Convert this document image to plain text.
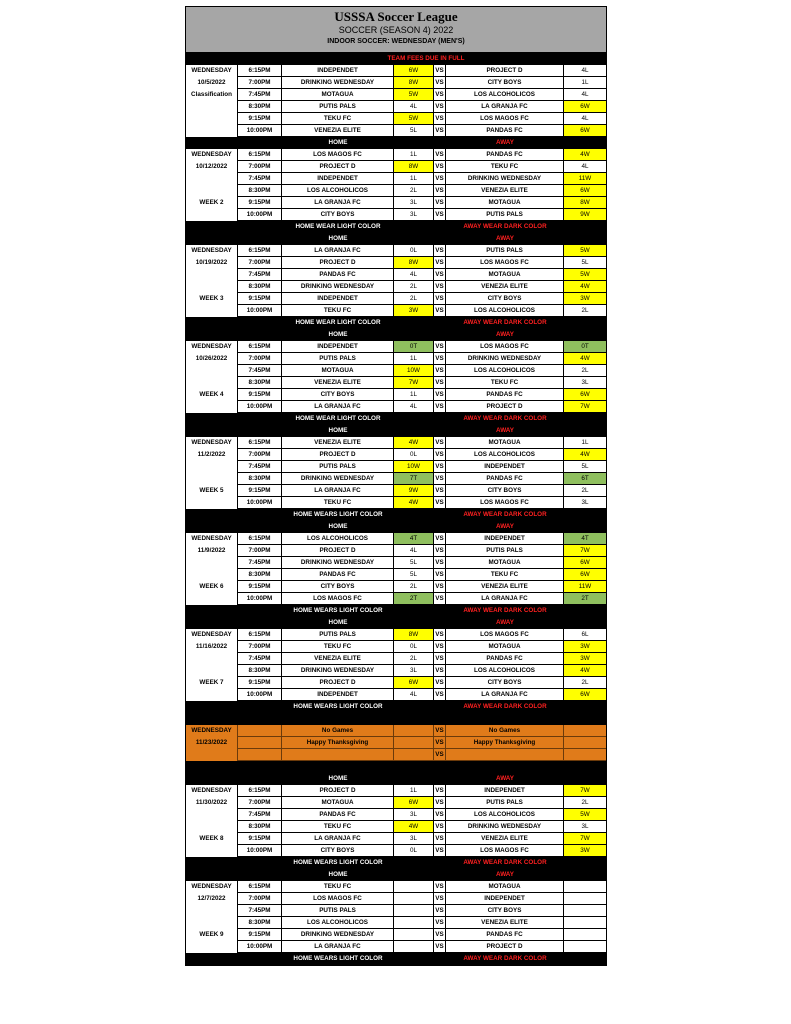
USSSA Soccer League
SOCCER (SEASON 4) 2022
INDOOR SOCCER: WEDNESDAY (MEN'S)
TEAM FEES DUE IN FULL
WEDNESDAY	6:15PM	INDEPENDET	6W	VS	PROJECT D	4L
10/5/2022	7:00PM	DRINKING WEDNESDAY	8W	VS	CITY BOYS	1L
Classification	7:45PM	MOTAGUA	5W	VS	LOS ALCOHOLICOS	4L
8:30PM	PUTIS PALS	4L	VS	LA GRANJA FC	6W
9:15PM	TEKU FC	5W	VS	LOS MAGOS FC	4L
10:00PM	VENEZIA ELITE	5L	VS	PANDAS FC	6W
HOME	AWAY
WEDNESDAY	6:15PM	LOS MAGOS FC	1L	VS	PANDAS FC	4W
10/12/2022	7:00PM	PROJECT D	8W	VS	TEKU FC	4L
7:45PM	INDEPENDET	1L	VS	DRINKING WEDNESDAY	11W
8:30PM	LOS ALCOHOLICOS	2L	VS	VENEZIA ELITE	6W
WEEK 2	9:15PM	LA GRANJA FC	3L	VS	MOTAGUA	8W
10:00PM	CITY BOYS	3L	VS	PUTIS PALS	9W
HOME WEAR LIGHT COLOR	AWAY WEAR DARK COLOR
HOME	AWAY
WEDNESDAY	6:15PM	LA GRANJA FC	0L	VS	PUTIS PALS	5W
10/19/2022	7:00PM	PROJECT D	8W	VS	LOS MAGOS FC	5L
7:45PM	PANDAS FC	4L	VS	MOTAGUA	5W
8:30PM	DRINKING WEDNESDAY	2L	VS	VENEZIA ELITE	4W
WEEK 3	9:15PM	INDEPENDET	2L	VS	CITY BOYS	3W
10:00PM	TEKU FC	3W	VS	LOS ALCOHOLICOS	2L
HOME WEAR LIGHT COLOR	AWAY WEAR DARK COLOR
HOME	AWAY
WEDNESDAY	6:15PM	INDEPENDET	0T	VS	LOS MAGOS FC	0T
10/26/2022	7:00PM	PUTIS PALS	1L	VS	DRINKING WEDNESDAY	4W
7:45PM	MOTAGUA	10W	VS	LOS ALCOHOLICOS	2L
8:30PM	VENEZIA ELITE	7W	VS	TEKU FC	3L
WEEK 4	9:15PM	CITY BOYS	1L	VS	PANDAS FC	6W
10:00PM	LA GRANJA FC	4L	VS	PROJECT D	7W
HOME WEAR LIGHT COLOR	AWAY WEAR DARK COLOR
HOME	AWAY
WEDNESDAY	6:15PM	VENEZIA ELITE	4W	VS	MOTAGUA	1L
11/2/2022	7:00PM	PROJECT D	0L	VS	LOS ALCOHOLICOS	4W
7:45PM	PUTIS PALS	10W	VS	INDEPENDET	5L
8:30PM	DRINKING WEDNESDAY	7T	VS	PANDAS FC	6T
WEEK 5	9:15PM	LA GRANJA FC	9W	VS	CITY BOYS	2L
10:00PM	TEKU FC	4W	VS	LOS MAGOS FC	3L
HOME WEARS LIGHT COLOR	AWAY WEAR DARK COLOR
HOME	AWAY
WEDNESDAY	6:15PM	LOS ALCOHOLICOS	4T	VS	INDEPENDET	4T
11/9/2022	7:00PM	PROJECT D	4L	VS	PUTIS PALS	7W
7:45PM	DRINKING WEDNESDAY	5L	VS	MOTAGUA	6W
8:30PM	PANDAS FC	5L	VS	TEKU FC	6W
WEEK 6	9:15PM	CITY BOYS	2L	VS	VENEZIA ELITE	11W
10:00PM	LOS MAGOS FC	2T	VS	LA GRANJA FC	2T
HOME WEARS LIGHT COLOR	AWAY WEAR DARK COLOR
HOME	AWAY
WEDNESDAY	6:15PM	PUTIS PALS	8W	VS	LOS MAGOS FC	6L
11/16/2022	7:00PM	TEKU FC	0L	VS	MOTAGUA	3W
7:45PM	VENEZIA ELITE	2L	VS	PANDAS FC	3W
8:30PM	DRINKING WEDNESDAY	3L	VS	LOS ALCOHOLICOS	4W
WEEK 7	9:15PM	PROJECT D	6W	VS	CITY BOYS	2L
10:00PM	INDEPENDET	4L	VS	LA GRANJA FC	6W
HOME WEARS LIGHT COLOR	AWAY WEAR DARK COLOR
WEDNESDAY	No Games	VS	No Games
11/23/2022	Happy Thanksgiving	VS	Happy Thanksgiving
VS
HOME	AWAY
WEDNESDAY	6:15PM	PROJECT D	1L	VS	INDEPENDET	7W
11/30/2022	7:00PM	MOTAGUA	6W	VS	PUTIS PALS	2L
7:45PM	PANDAS FC	3L	VS	LOS ALCOHOLICOS	5W
8:30PM	TEKU FC	4W	VS	DRINKING WEDNESDAY	3L
WEEK 8	9:15PM	LA GRANJA FC	3L	VS	VENEZIA ELITE	7W
10:00PM	CITY BOYS	0L	VS	LOS MAGOS FC	3W
HOME WEARS LIGHT COLOR	AWAY WEAR DARK COLOR
HOME	AWAY
WEDNESDAY	6:15PM	TEKU FC	VS	MOTAGUA
12/7/2022	7:00PM	LOS MAGOS FC	VS	INDEPENDET
7:45PM	PUTIS PALS	VS	CITY BOYS
8:30PM	LOS ALCOHOLICOS	VS	VENEZIA ELITE
WEEK 9	9:15PM	DRINKING WEDNESDAY	VS	PANDAS FC
10:00PM	LA GRANJA FC	VS	PROJECT D
HOME WEARS LIGHT COLOR	AWAY WEAR DARK COLOR
